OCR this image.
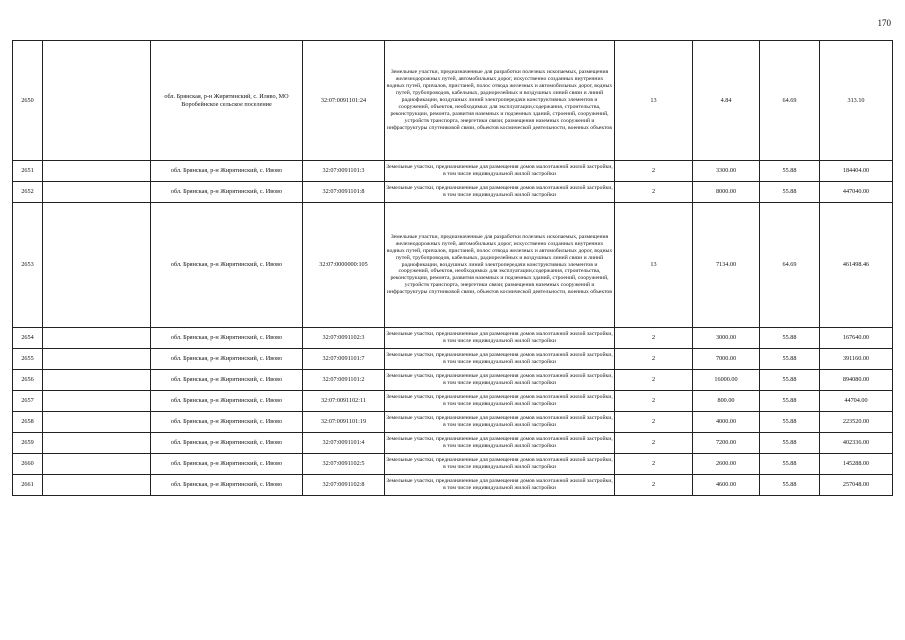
170
2650		обл. Брянская, р-н Жирятинский, с. Иляво, МО Воробейнское сельское поселение	32:07:0091101:24	Земельные участки, предназначенные для разработки полезных ископаемых, размещения железнодорожных путей, автомобильных дорог, искусственно созданных внутренних водных путей, причалов, пристаней, полос отвода железных и автомобильных дорог, водных путей, трубопроводов, кабельных, радиорелейных и воздушных линий связи и линий радиофикации, воздушных линий электропередачи конструктивных элементов и сооружений, объектов, необходимых для эксплуатации,содержания, строительства, реконструкции, ремонта, развития наземных и подземных зданий, строений, сооружений, устройств транспорта, энергетики связи; размещения наземных сооружений и инфраструктуры спутниковой связи, объектов космической деятельности, военных объектов	13	4.84	64.69	313.10
2651		обл. Брянская, р-н Жирятинский, с. Ивово	32:07:0091101:3	Земельные участки, предназначенные для размещения домов малоэтажной жилой застройки, в том числе индивидуальной жилой застройки	2	3300.00	55.88	184404.00
2652		обл. Брянская, р-н Жирятинский, с. Ивово	32:07:0091101:8	Земельные участки, предназначенные для размещения домов малоэтажной жилой застройки, в том числе индивидуальной жилой застройки	2	8000.00	55.88	447040.00
2653		обл. Брянская, р-н Жирятинский, с. Ивово	32:07:0000000:105	Земельные участки, предназначенные для разработки полезных ископаемых, размещения железнодорожных путей, автомобильных дорог, искусственно созданных внутренних водных путей, причалов, пристаней, полос отвода железных и автомобильных дорог, водных путей, трубопроводов, кабельных, радиорелейных и воздушных линий связи и линий радиофикации, воздушных линий электропередачи конструктивных элементов и сооружений, объектов, необходимых для эксплуатации,содержания, строительства, реконструкции, ремонта, развития наземных и подземных зданий, строений, сооружений, устройств транспорта, энергетики связи; размещения наземных сооружений и инфраструктуры спутниковой связи, объектов космической деятельности, военных объектов	13	7134.00	64.69	461498.46
2654		обл. Брянская, р-н Жирятинский, с. Ивово	32:07:0091102:3	Земельные участки, предназначенные для размещения домов малоэтажной жилой застройки, в том числе индивидуальной жилой застройки	2	3000.00	55.88	167640.00
2655		обл. Брянская, р-н Жирятинский, с. Ивово	32:07:0091101:7	Земельные участки, предназначенные для размещения домов малоэтажной жилой застройки, в том числе индивидуальной жилой застройки	2	7000.00	55.88	391160.00
2656		обл. Брянская, р-н Жирятинский, с. Ивово	32:07:0091101:2	Земельные участки, предназначенные для размещения домов малоэтажной жилой застройки, в том числе индивидуальной жилой застройки	2	16000.00	55.88	894080.00
2657		обл. Брянская, р-н Жирятинский, с. Ивово	32:07:0091102:11	Земельные участки, предназначенные для размещения домов малоэтажной жилой застройки, в том числе индивидуальной жилой застройки	2	800.00	55.88	44704.00
2658		обл. Брянская, р-н Жирятинский, с. Ивово	32:07:0091101:19	Земельные участки, предназначенные для размещения домов малоэтажной жилой застройки, в том числе индивидуальной жилой застройки	2	4000.00	55.88	223520.00
2659		обл. Брянская, р-н Жирятинский, с. Ивово	32:07:0091101:4	Земельные участки, предназначенные для размещения домов малоэтажной жилой застройки, в том числе индивидуальной жилой застройки	2	7200.00	55.88	402336.00
2660		обл. Брянская, р-н Жирятинский, с. Ивово	32:07:0091102:5	Земельные участки, предназначенные для размещения домов малоэтажной жилой застройки, в том числе индивидуальной жилой застройки	2	2600.00	55.88	145288.00
2661		обл. Брянская, р-н Жирятинский, с. Ивово	32:07:0091102:8	Земельные участки, предназначенные для размещения домов малоэтажной жилой застройки, в том числе индивидуальной жилой застройки	2	4600.00	55.88	257048.00
